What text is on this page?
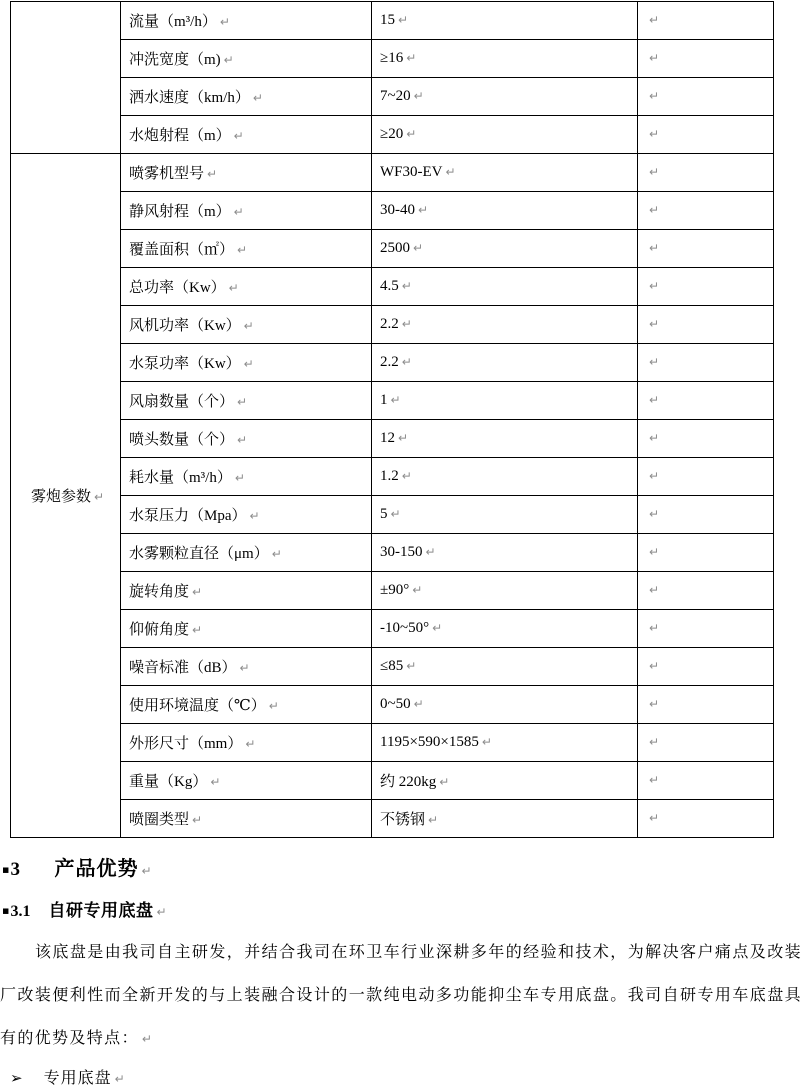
	流量（m³/h） ↵	15 ↵	↵
	冲洗宽度（m) ↵	≥16 ↵	↵
	洒水速度（km/h） ↵	7~20 ↵	↵
	水炮射程（m） ↵	≥20 ↵	↵
雾炮参数 ↵	喷雾机型号 ↵	WF30-EV ↵	↵
	静风射程（m） ↵	30-40 ↵	↵
	覆盖面积（㎡） ↵	2500 ↵	↵
	总功率（Kw） ↵	4.5 ↵	↵
	风机功率（Kw） ↵	2.2 ↵	↵
	水泵功率（Kw） ↵	2.2 ↵	↵
	风扇数量（个） ↵	1 ↵	↵
	喷头数量（个） ↵	12 ↵	↵
	耗水量（m³/h） ↵	1.2 ↵	↵
	水泵压力（Mpa） ↵	5 ↵	↵
	水雾颗粒直径（μm） ↵	30-150 ↵	↵
	旋转角度 ↵	±90° ↵	↵
	仰俯角度 ↵	-10~50° ↵	↵
	噪音标准（dB） ↵	≤85 ↵	↵
	使用环境温度（℃） ↵	0~50 ↵	↵
	外形尺寸（mm） ↵	1195×590×1585 ↵	↵
	重量（Kg） ↵	约 220kg ↵	↵
	喷圈类型 ↵	不锈钢 ↵	↵
▪3 产品优势 ↵
▪3.1 自研专用底盘 ↵

该底盘是由我司自主研发，并结合我司在环卫车行业深耕多年的经验和技术，为解决客户痛点及改装厂改装便利性而全新开发的与上装融合设计的一款纯电动多功能抑尘车专用底盘。我司自研专用车底盘具有的优势及特点： ↵

➢ 专用底盘 ↵
